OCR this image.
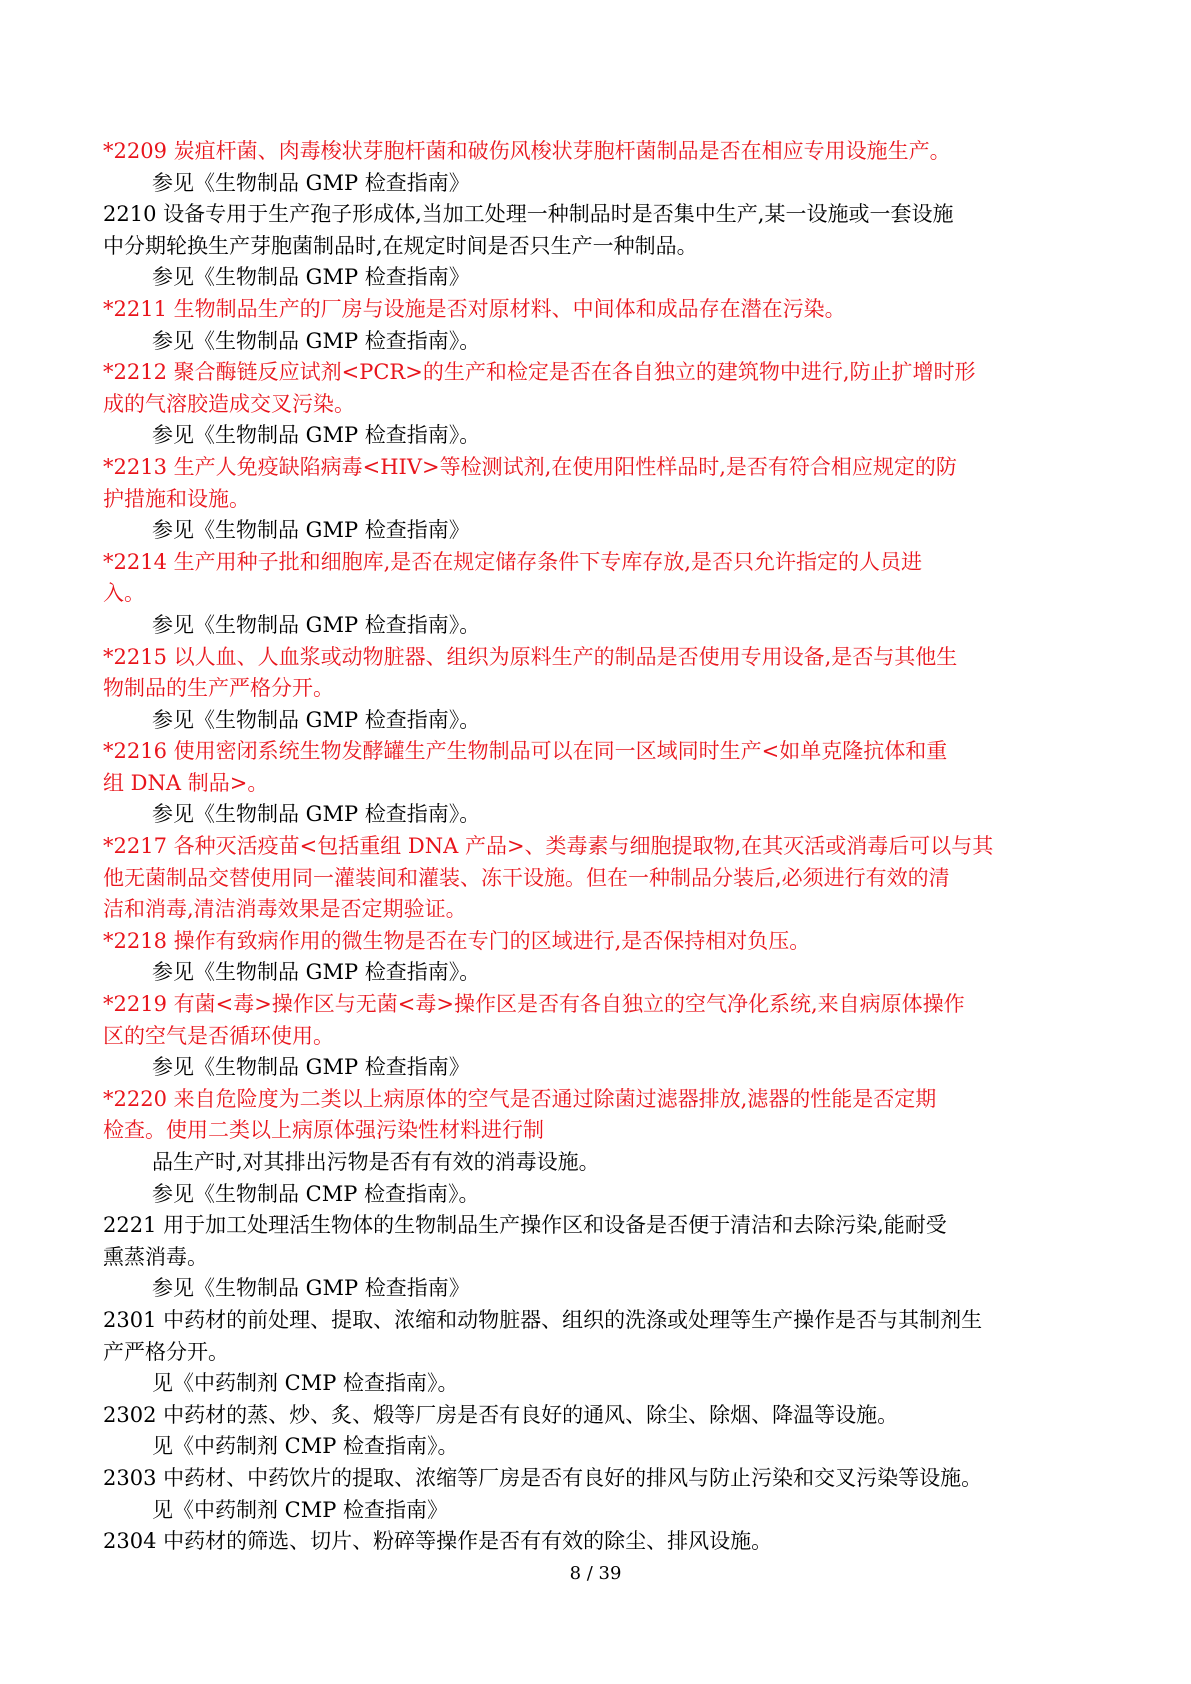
*2209 炭疽杆菌、肉毒梭状芽胞杆菌和破伤风梭状芽胞杆菌制品是否在相应专用设施生产。
参见《生物制品 GMP 检查指南》
2210 设备专用于生产孢子形成体,当加工处理一种制品时是否集中生产,某一设施或一套设施
中分期轮换生产芽胞菌制品时,在规定时间是否只生产一种制品。
参见《生物制品 GMP 检查指南》
*2211 生物制品生产的厂房与设施是否对原材料、中间体和成品存在潜在污染。
参见《生物制品 GMP 检查指南》。
*2212 聚合酶链反应试剂<PCR>的生产和检定是否在各自独立的建筑物中进行,防止扩增时形
成的气溶胶造成交叉污染。
参见《生物制品 GMP 检查指南》。
*2213 生产人免疫缺陷病毒<HIV>等检测试剂,在使用阳性样品时,是否有符合相应规定的防
护措施和设施。
参见《生物制品 GMP 检查指南》
*2214 生产用种子批和细胞库,是否在规定储存条件下专库存放,是否只允许指定的人员进
入。
参见《生物制品 GMP 检查指南》。
*2215 以人血、人血浆或动物脏器、组织为原料生产的制品是否使用专用设备,是否与其他生
物制品的生产严格分开。
参见《生物制品 GMP 检查指南》。
*2216 使用密闭系统生物发酵罐生产生物制品可以在同一区域同时生产<如单克隆抗体和重
组 DNA 制品>。
参见《生物制品 GMP 检查指南》。
*2217 各种灭活疫苗<包括重组 DNA 产品>、类毒素与细胞提取物,在其灭活或消毒后可以与其
他无菌制品交替使用同一灌装间和灌装、冻干设施。但在一种制品分装后,必须进行有效的清
洁和消毒,清洁消毒效果是否定期验证。
*2218 操作有致病作用的微生物是否在专门的区域进行,是否保持相对负压。
参见《生物制品 GMP 检查指南》。
*2219 有菌<毒>操作区与无菌<毒>操作区是否有各自独立的空气净化系统,来自病原体操作
区的空气是否循环使用。
参见《生物制品 GMP 检查指南》
*2220 来自危险度为二类以上病原体的空气是否通过除菌过滤器排放,滤器的性能是否定期
检查。使用二类以上病原体强污染性材料进行制
品生产时,对其排出污物是否有有效的消毒设施。
参见《生物制品 CMP 检查指南》。
2221 用于加工处理活生物体的生物制品生产操作区和设备是否便于清洁和去除污染,能耐受
熏蒸消毒。
参见《生物制品 GMP 检查指南》
2301 中药材的前处理、提取、浓缩和动物脏器、组织的洗涤或处理等生产操作是否与其制剂生
产严格分开。
见《中药制剂 CMP 检查指南》。
2302 中药材的蒸、炒、炙、煅等厂房是否有良好的通风、除尘、除烟、降温等设施。
见《中药制剂 CMP 检查指南》。
2303 中药材、中药饮片的提取、浓缩等厂房是否有良好的排风与防止污染和交叉污染等设施。
见《中药制剂 CMP 检查指南》
2304 中药材的筛选、切片、粉碎等操作是否有有效的除尘、排风设施。
8 / 39
